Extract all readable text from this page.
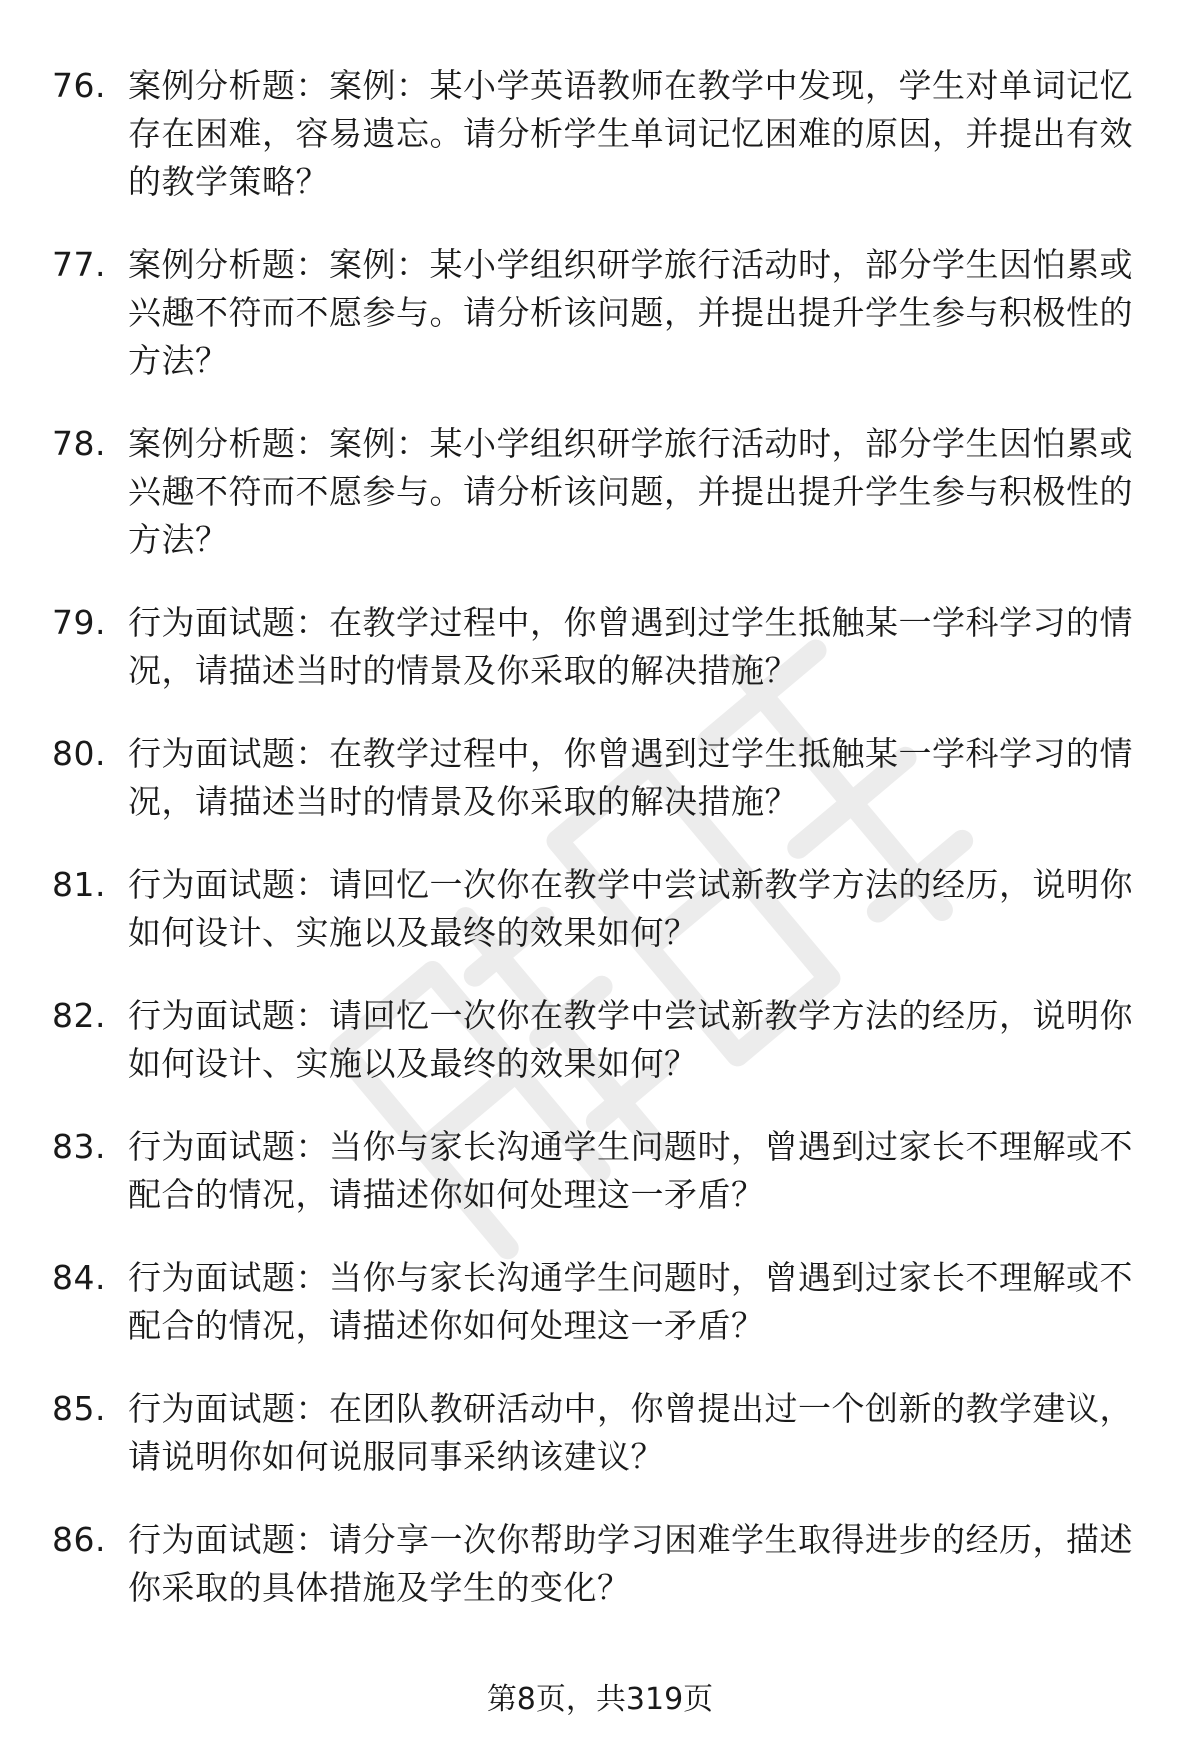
76. 案例分析题：案例：某小学英语教师在教学中发现，学生对单词记忆存在困难，容易遗忘。请分析学生单词记忆困难的原因，并提出有效的教学策略？
77. 案例分析题：案例：某小学组织研学旅行活动时，部分学生因怕累或兴趣不符而不愿参与。请分析该问题，并提出提升学生参与积极性的方法？
78. 案例分析题：案例：某小学组织研学旅行活动时，部分学生因怕累或兴趣不符而不愿参与。请分析该问题，并提出提升学生参与积极性的方法？
79. 行为面试题：在教学过程中，你曾遇到过学生抵触某一学科学习的情况，请描述当时的情景及你采取的解决措施？
80. 行为面试题：在教学过程中，你曾遇到过学生抵触某一学科学习的情况，请描述当时的情景及你采取的解决措施？
81. 行为面试题：请回忆一次你在教学中尝试新教学方法的经历，说明你如何设计、实施以及最终的效果如何？
82. 行为面试题：请回忆一次你在教学中尝试新教学方法的经历，说明你如何设计、实施以及最终的效果如何？
83. 行为面试题：当你与家长沟通学生问题时，曾遇到过家长不理解或不配合的情况，请描述你如何处理这一矛盾？
84. 行为面试题：当你与家长沟通学生问题时，曾遇到过家长不理解或不配合的情况，请描述你如何处理这一矛盾？
85. 行为面试题：在团队教研活动中，你曾提出过一个创新的教学建议，请说明你如何说服同事采纳该建议？
86. 行为面试题：请分享一次你帮助学习困难学生取得进步的经历，描述你采取的具体措施及学生的变化？
第8页，共319页
